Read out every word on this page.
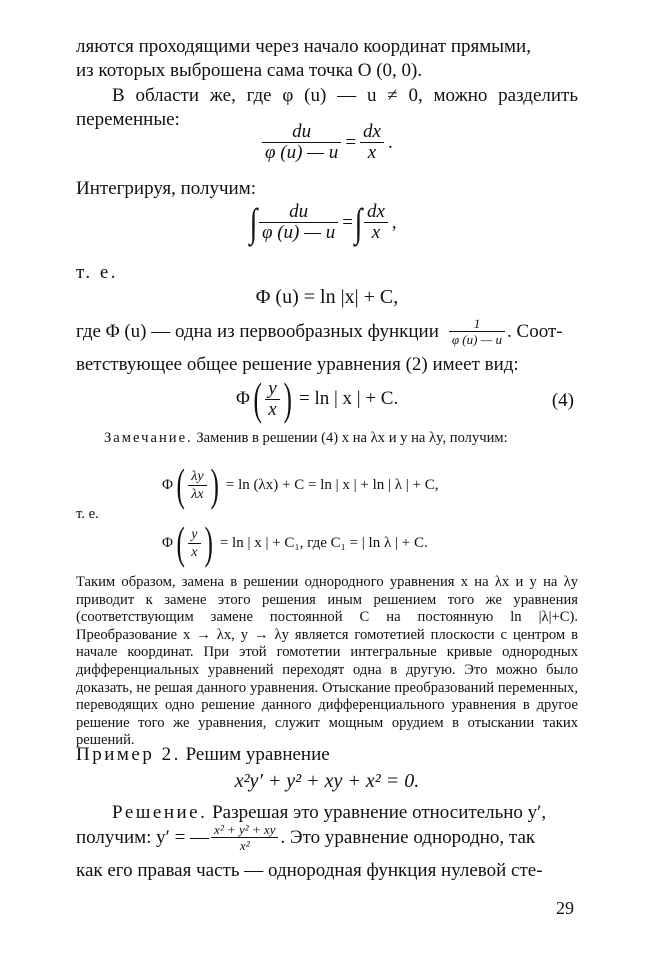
ляются проходящими через начало координат прямыми,
из которых выброшена сама точка O (0, 0).
В области же, где φ (u) — u ≠ 0, можно разделить переменные:
$\frac{du}{\varphi (u) — u} = \frac{dx}{x}$ .
Интегрируя, получим:
∫ $\frac{du}{\varphi (u) — u}$ = ∫ $\frac{dx}{x}$ ,
т. е.
Φ (u) = ln |x| + C,
где Φ (u) — одна из первообразных функции $\frac{1}{\varphi (u) — u}$ . Соот-
ветствующее общее решение уравнения (2) имеет вид:
Φ ( $\frac{y}{x}$ ) = ln | x | + C.	(4)
Замечание. Заменив в решении (4) x на λx и y на λy, получим:
Φ ( $\frac{\lambda y}{\lambda x}$ ) = ln (λx) + C = ln | x | + ln | λ | + C,
т. е.
Φ ( $\frac{y}{x}$ ) = ln | x | + C₁, где C₁ = | ln λ | + C.
Таким образом, замена в решении однородного уравнения x на λx и y на λy приводит к замене этого решения иным решением того же уравнения (соответствующим замене постоянной C на постоянную ln |λ|+C). Преобразование x → λx, y → λy является гомотетией плоскости с центром в начале координат. При этой гомотетии интегральные кривые однородных дифференциальных уравнений переходят одна в другую. Это можно было доказать, не решая данного уравнения. Отыскание преобразований переменных, переводящих одно решение данного дифференциального уравнения в другое решение того же уравнения, служит мощным орудием в отыскании таких решений.
Пример 2. Решим уравнение
x²y′ + y² + xy + x² = 0.
Решение. Разрешая это уравнение относительно y′,
получим: y′ = — $\frac{\text{x² + y² + xy}}{\text{x²}}$ . Это уравнение однородно, так
как его правая часть — однородная функция нулевой сте-
29
